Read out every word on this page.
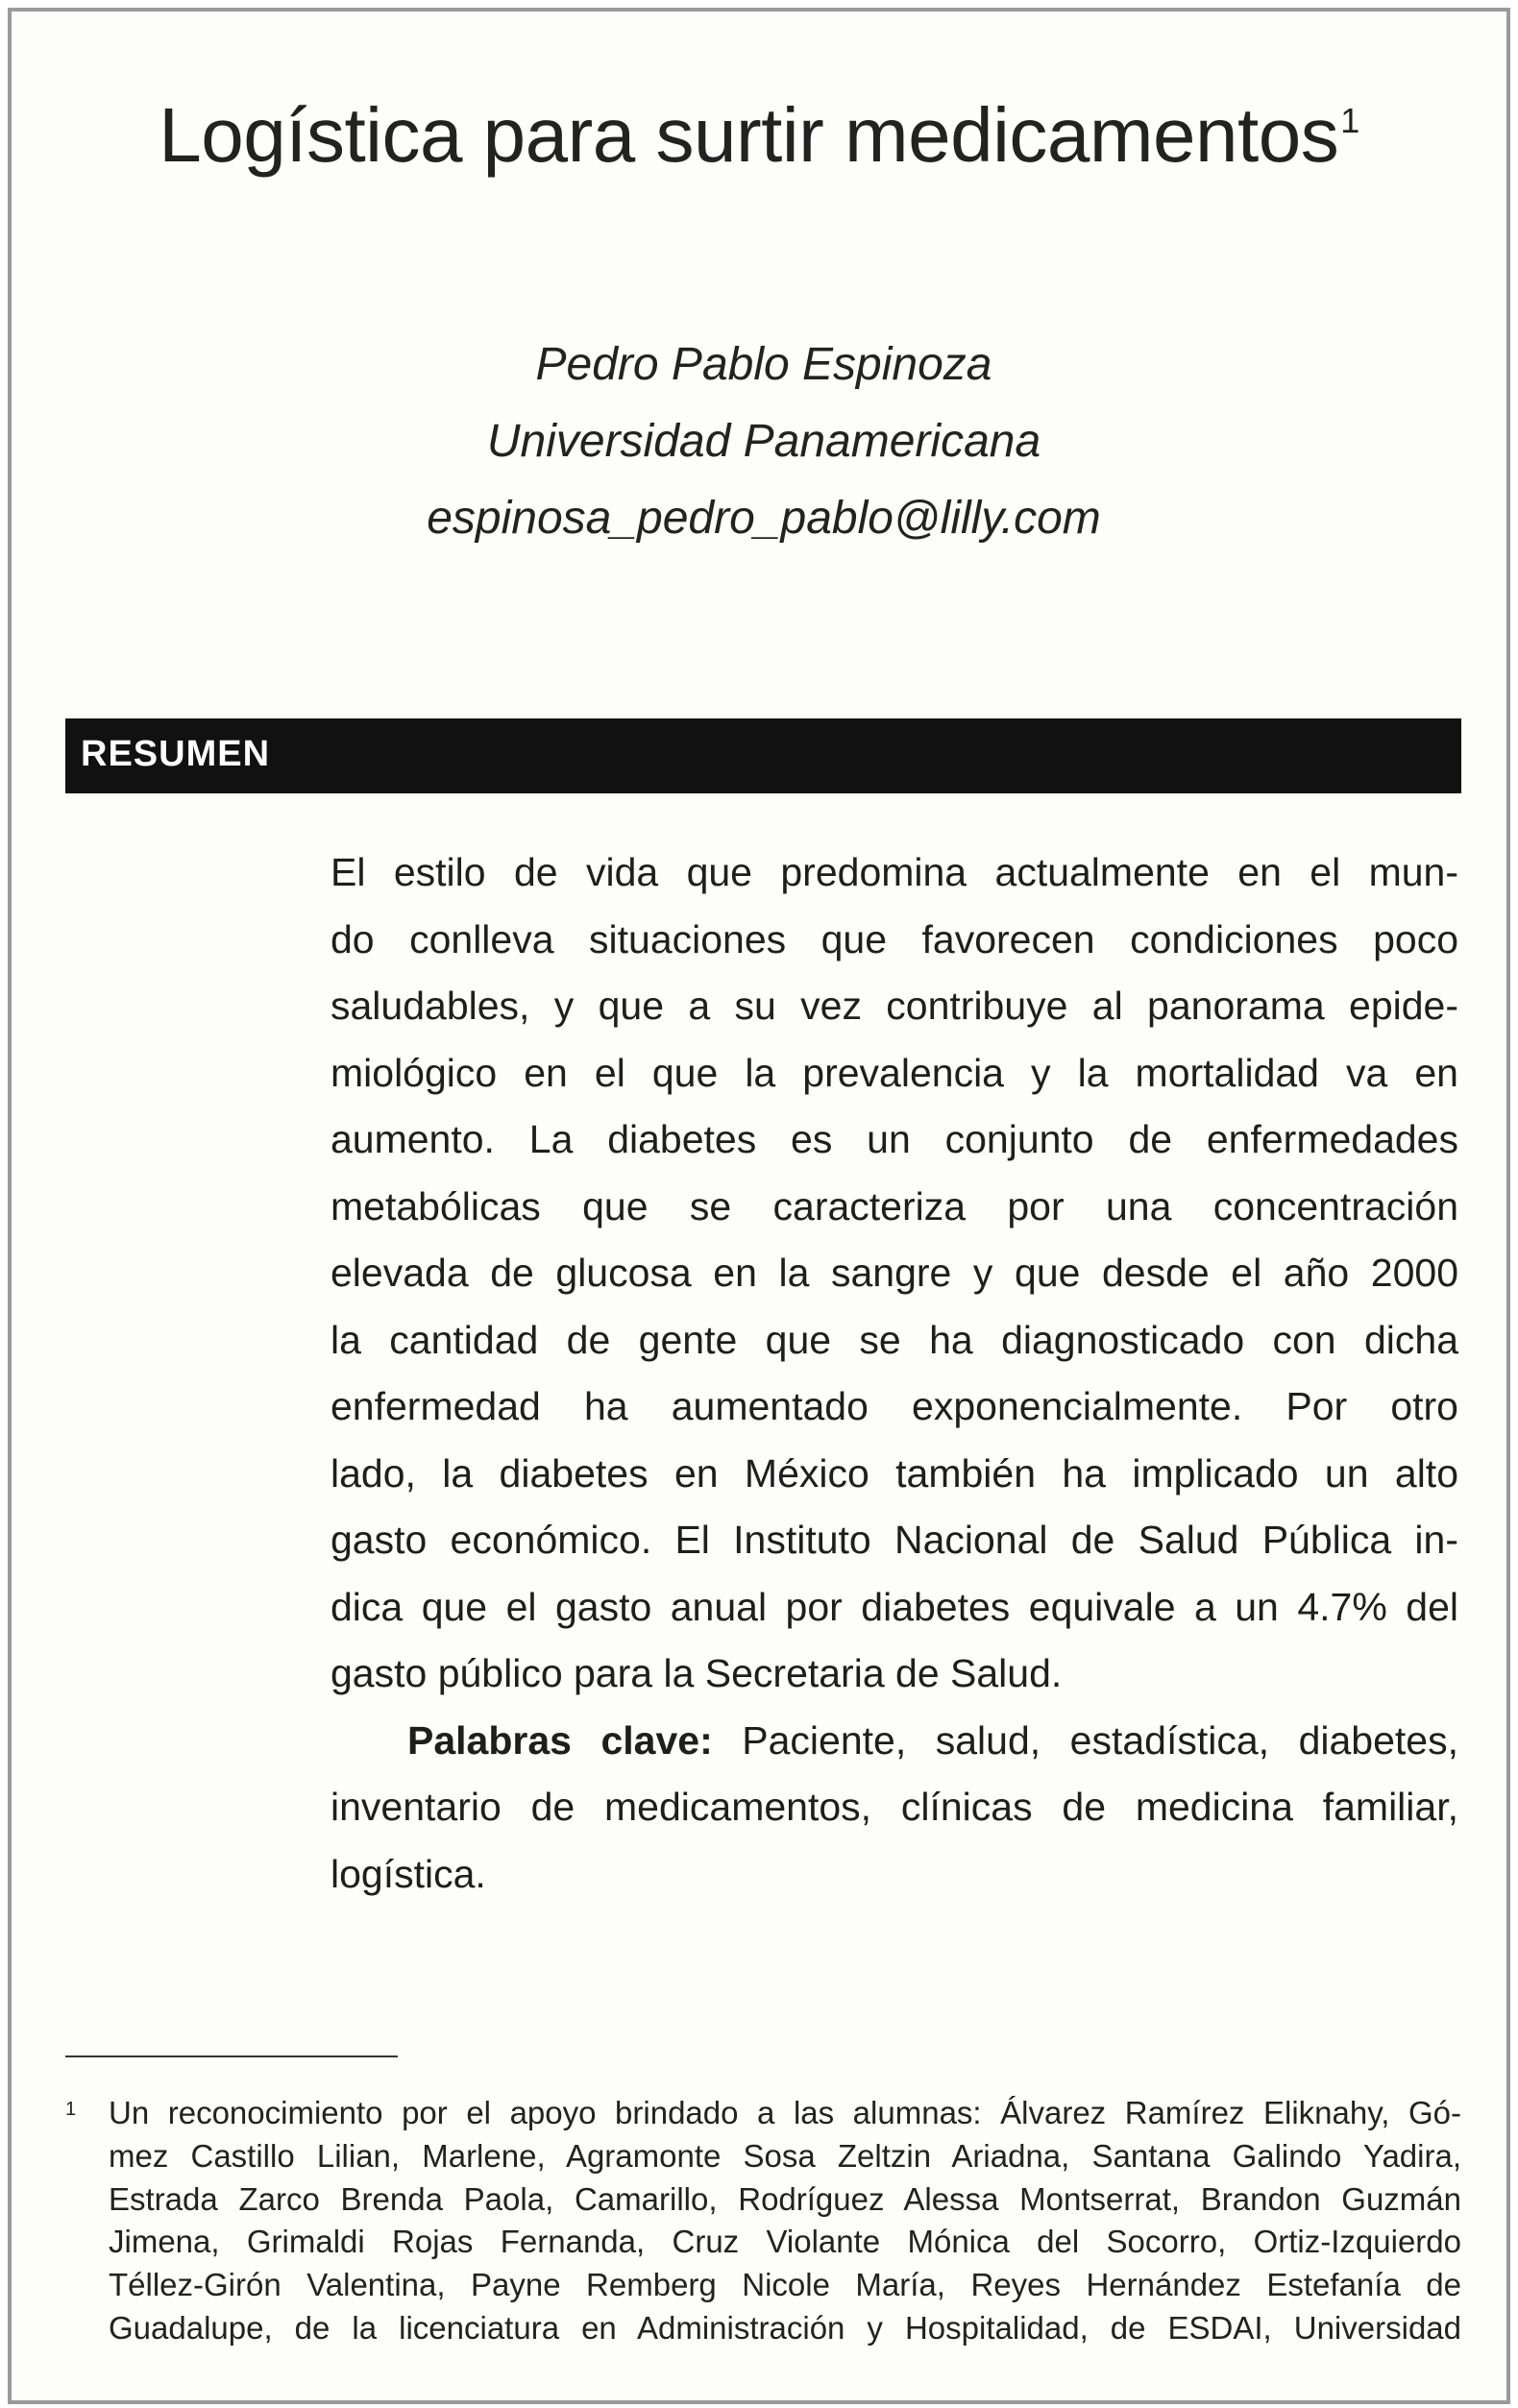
Logística para surtir medicamentos$^1$
Pedro Pablo Espinoza
Universidad Panamericana
espinosa_pedro_pablo@lilly.com
RESUMEN
El estilo de vida que predomina actualmente en el mun-
do conlleva situaciones que favorecen condiciones poco
saludables, y que a su vez contribuye al panorama epide-
miológico en el que la prevalencia y la mortalidad va en
aumento. La diabetes es un conjunto de enfermedades
metabólicas que se caracteriza por una concentración
elevada de glucosa en la sangre y que desde el año 2000
la cantidad de gente que se ha diagnosticado con dicha
enfermedad ha aumentado exponencialmente. Por otro
lado, la diabetes en México también ha implicado un alto
gasto económico. El Instituto Nacional de Salud Pública in-
dica que el gasto anual por diabetes equivale a un 4.7% del
gasto público para la Secretaria de Salud.
Palabras clave: Paciente, salud, estadística, diabetes,
inventario de medicamentos, clínicas de medicina familiar,
logística.
1 Un reconocimiento por el apoyo brindado a las alumnas: Álvarez Ramírez Eliknahy, Gó-
mez Castillo Lilian, Marlene, Agramonte Sosa Zeltzin Ariadna, Santana Galindo Yadira,
Estrada Zarco Brenda Paola, Camarillo, Rodríguez Alessa Montserrat, Brandon Guzmán
Jimena, Grimaldi Rojas Fernanda, Cruz Violante Mónica del Socorro, Ortiz-Izquierdo
Téllez-Girón Valentina, Payne Remberg Nicole María, Reyes Hernández Estefanía de
Guadalupe, de la licenciatura en Administración y Hospitalidad, de ESDAI, Universidad
